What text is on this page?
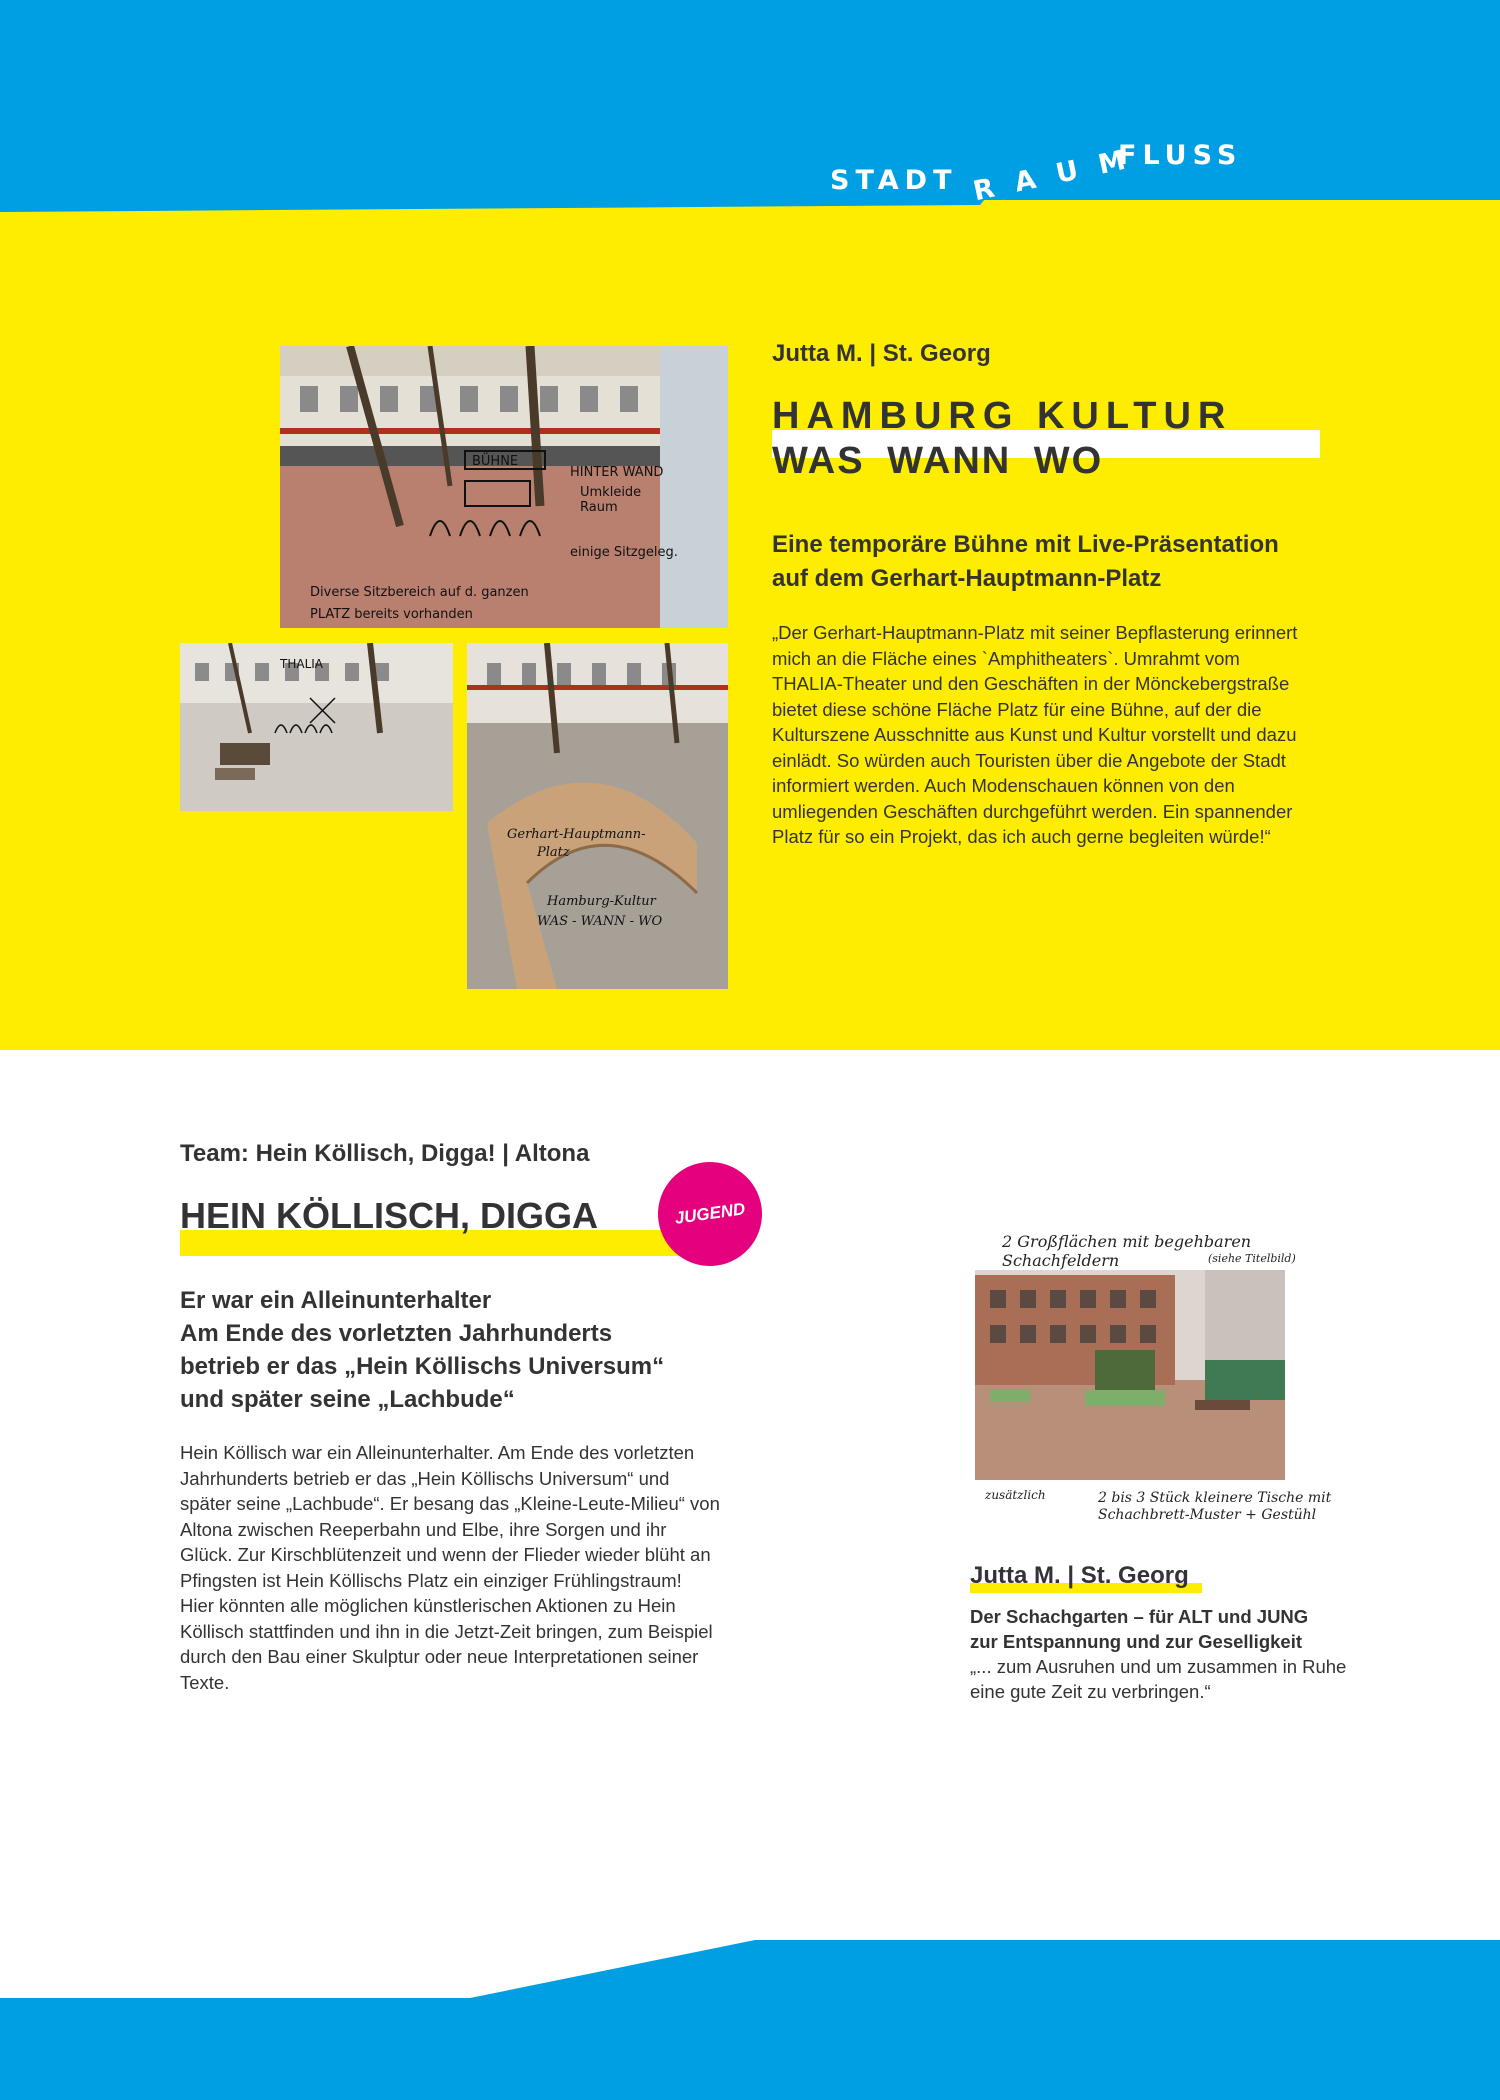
STADT R A U M
FLUSS
BÜHNE
HINTER WAND
Umkleide
Raum
einige Sitzgeleg.
Diverse Sitzbereich auf d. ganzen
PLATZ bereits vorhanden
THALIA
Gerhart-Hauptmann-
Platz
Hamburg-Kultur
WAS - WANN - WO
Jutta M. | St. Georg
HAMBURG KULTUR
WAS WANN WO
Eine temporäre Bühne mit Live-Präsentation
auf dem Gerhart-Hauptmann-Platz
„Der Gerhart-Hauptmann-Platz mit seiner Bepflasterung erinnert mich an die Fläche eines `Amphitheaters`. Umrahmt vom THALIA-Theater und den Geschäften in der Mönckebergstraße bietet diese schöne Fläche Platz für eine Bühne, auf der die Kulturszene Ausschnitte aus Kunst und Kultur vorstellt und dazu einlädt. So würden auch Touristen über die Angebote der Stadt informiert werden. Auch Modenschauen können von den umliegenden Geschäften durchgeführt werden. Ein spannender Platz für so ein Projekt, das ich auch gerne begleiten würde!“
Team: Hein Köllisch, Digga! | Altona
HEIN KÖLLISCH, DIGGA	JUGEND
Er war ein Alleinunterhalter
Am Ende des vorletzten Jahrhunderts
betrieb er das „Hein Köllischs Universum“
und später seine „Lachbude“
Hein Köllisch war ein Alleinunterhalter. Am Ende des vorletzten Jahrhunderts betrieb er das „Hein Köllischs Universum“ und später seine „Lachbude“. Er besang das „Kleine-Leute-Milieu“ von Altona zwischen Reeperbahn und Elbe, ihre Sorgen und ihr Glück. Zur Kirschblütenzeit und wenn der Flieder wieder blüht an Pfingsten ist Hein Köllischs Platz ein einziger Frühlingstraum! Hier könnten alle möglichen künstlerischen Aktionen zu Hein Köllisch stattfinden und ihn in die Jetzt-Zeit bringen, zum Beispiel durch den Bau einer Skulptur oder neue Interpretationen seiner Texte.
2 Großflächen mit begehbaren Schachfeldern	(siehe Titelbild)
zusätzlich	2 bis 3 Stück kleinere Tische mit Schachbrett-Muster + Gestühl
Jutta M. | St. Georg
Der Schachgarten – für ALT und JUNG
zur Entspannung und zur Geselligkeit
„... zum Ausruhen und um zusammen in Ruhe eine gute Zeit zu verbringen.“
